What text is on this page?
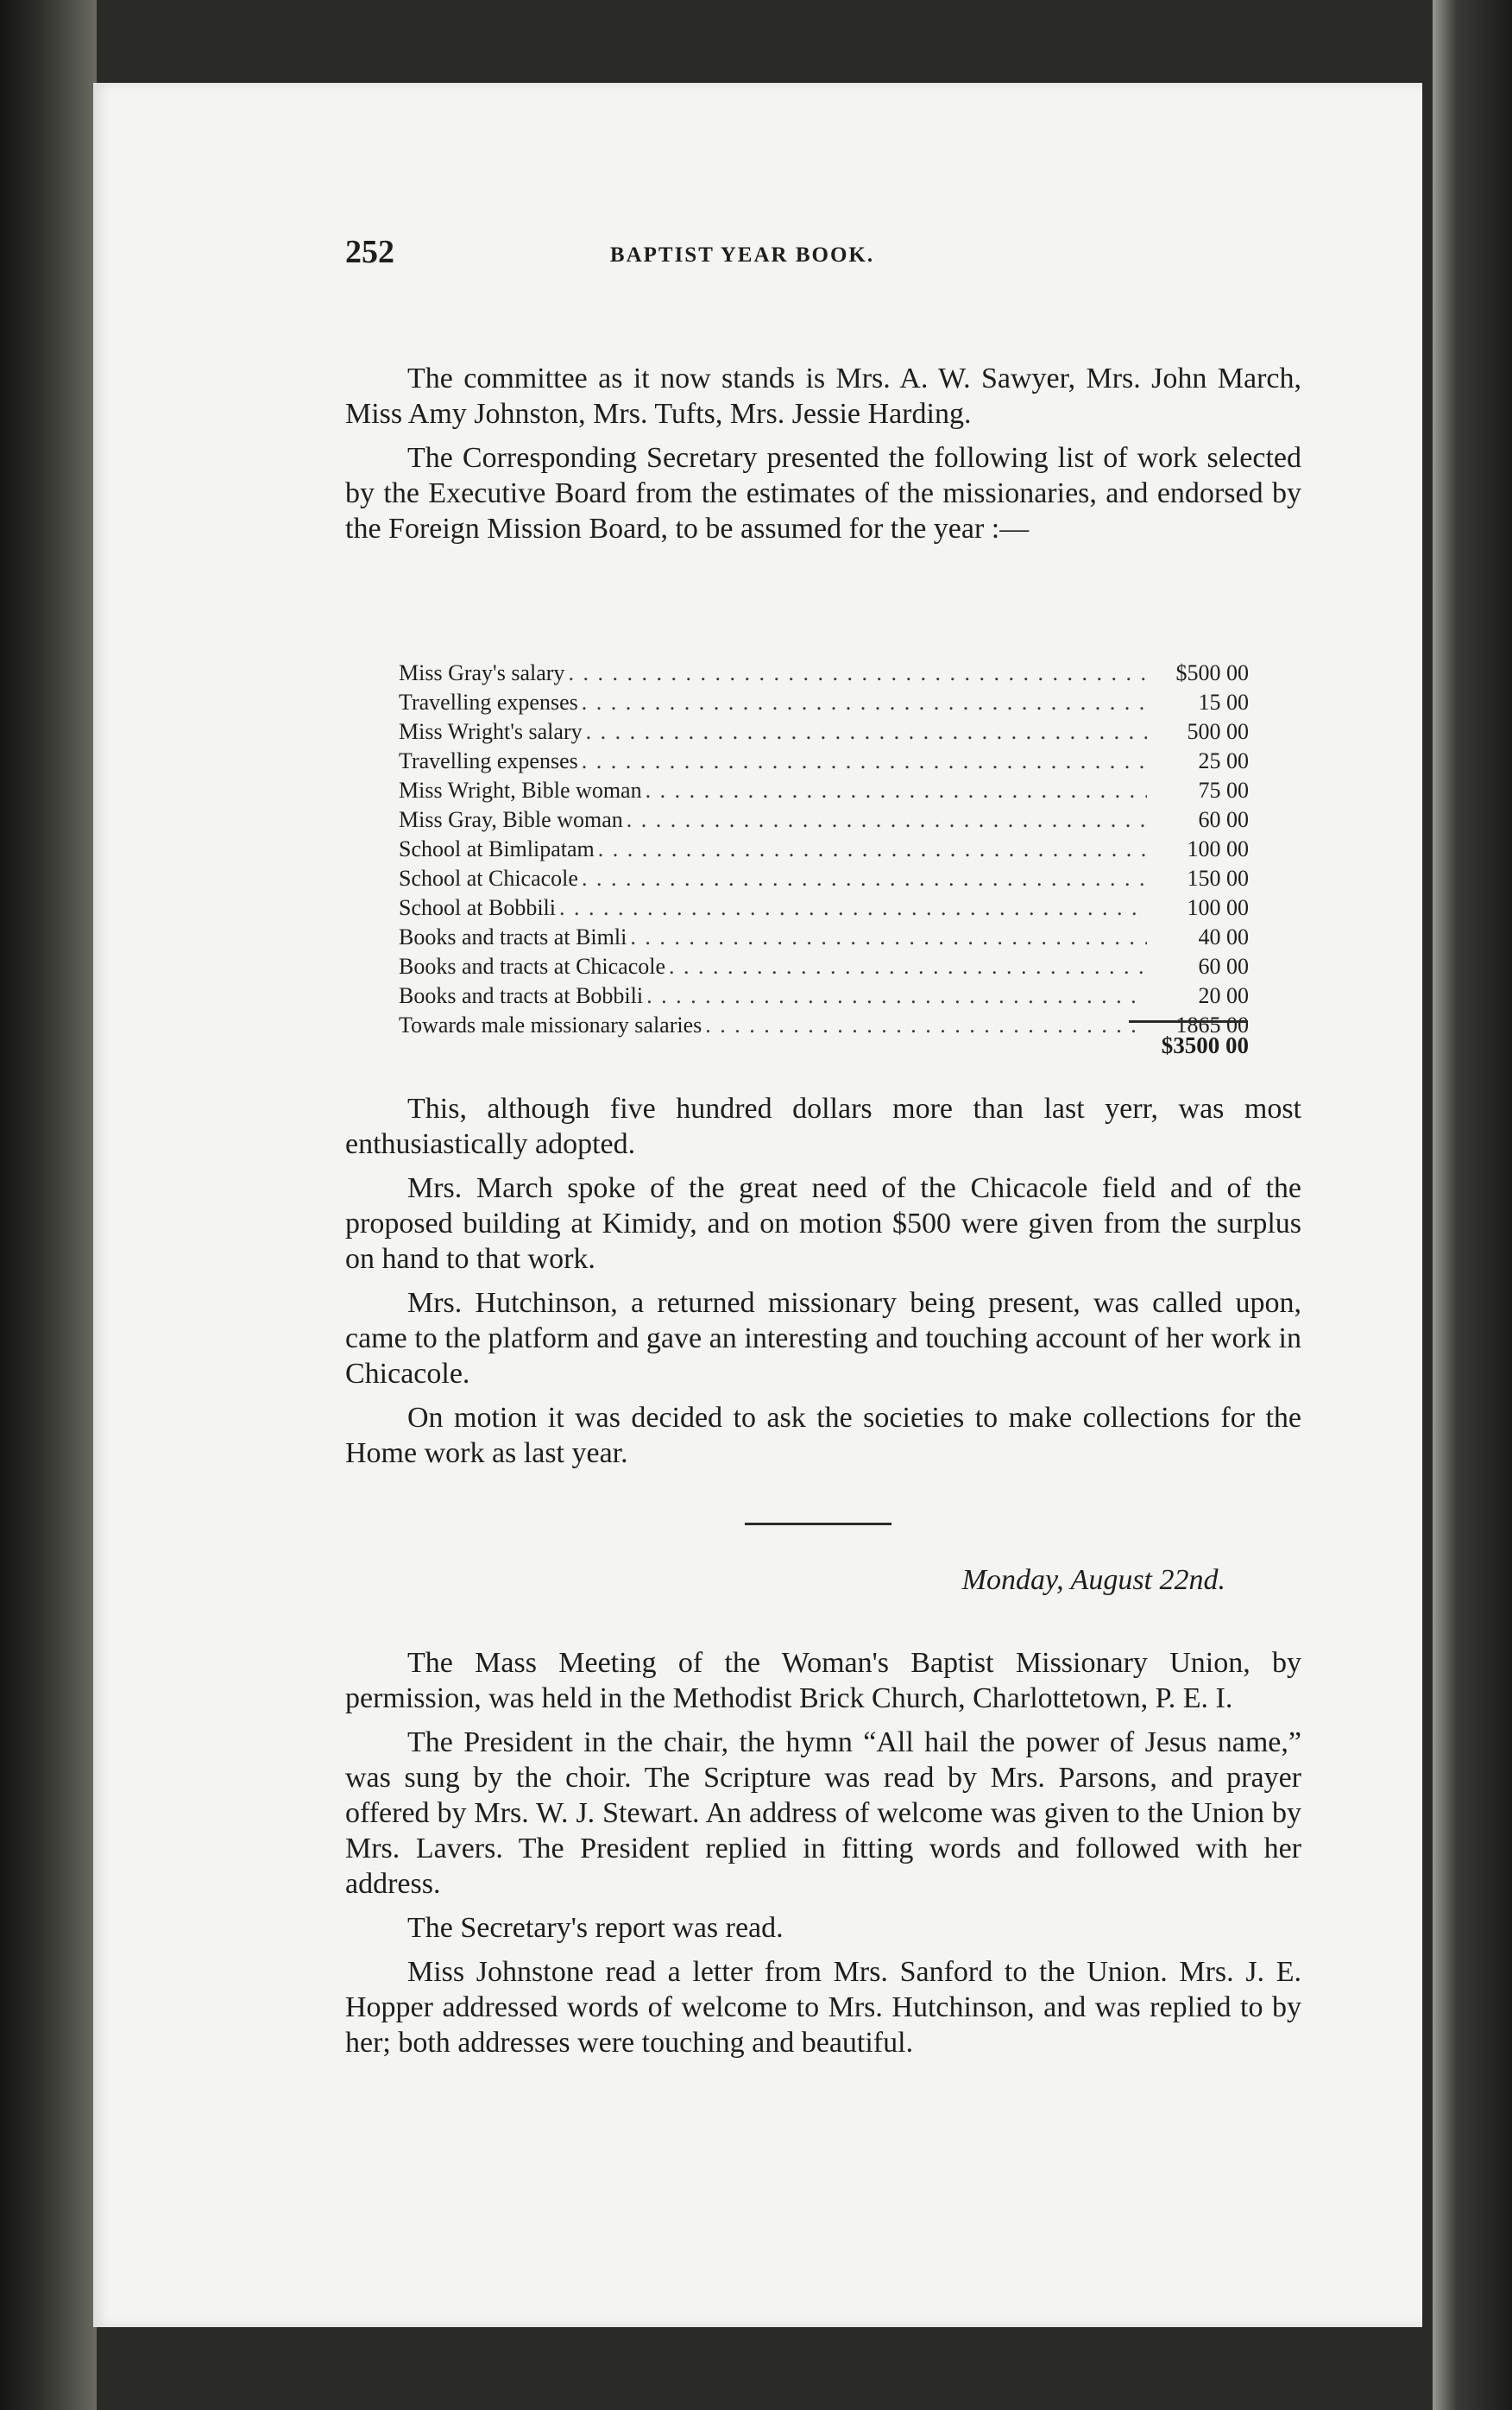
252	BAPTIST YEAR BOOK.

The committee as it now stands is Mrs. A. W. Sawyer, Mrs. John March, Miss Amy Johnston, Mrs. Tufts, Mrs. Jessie Harding.

The Corresponding Secretary presented the following list of work selected by the Executive Board from the estimates of the missionaries, and endorsed by the Foreign Mission Board, to be assumed for the year :—

Miss Gray's salary . . .	$500 00
Travelling expenses . . .	15 00
Miss Wright's salary . . .	500 00
Travelling expenses . . .	25 00
Miss Wright, Bible woman . . .	75 00
Miss Gray, Bible woman . . .	60 00
School at Bimlipatam . . .	100 00
School at Chicacole . . .	150 00
School at Bobbili . . .	100 00
Books and tracts at Bimli . . .	40 00
Books and tracts at Chicacole . . .	60 00
Books and tracts at Bobbili . . .	20 00
Towards male missionary salaries . . .	1865 00
$3500 00

This, although five hundred dollars more than last yerr, was most enthusiastically adopted.

Mrs. March spoke of the great need of the Chicacole field and of the proposed building at Kimidy, and on motion $500 were given from the surplus on hand to that work.

Mrs. Hutchinson, a returned missionary being present, was called upon, came to the platform and gave an interesting and touching account of her work in Chicacole.

On motion it was decided to ask the societies to make collections for the Home work as last year.

Monday, August 22nd.

The Mass Meeting of the Woman's Baptist Missionary Union, by permission, was held in the Methodist Brick Church, Charlottetown, P. E. I.

The President in the chair, the hymn “All hail the power of Jesus name,” was sung by the choir. The Scripture was read by Mrs. Parsons, and prayer offered by Mrs. W. J. Stewart. An address of welcome was given to the Union by Mrs. Lavers. The President replied in fitting words and followed with her address.

The Secretary's report was read.

Miss Johnstone read a letter from Mrs. Sanford to the Union. Mrs. J. E. Hopper addressed words of welcome to Mrs. Hutchinson, and was replied to by her; both addresses were touching and beautiful.
